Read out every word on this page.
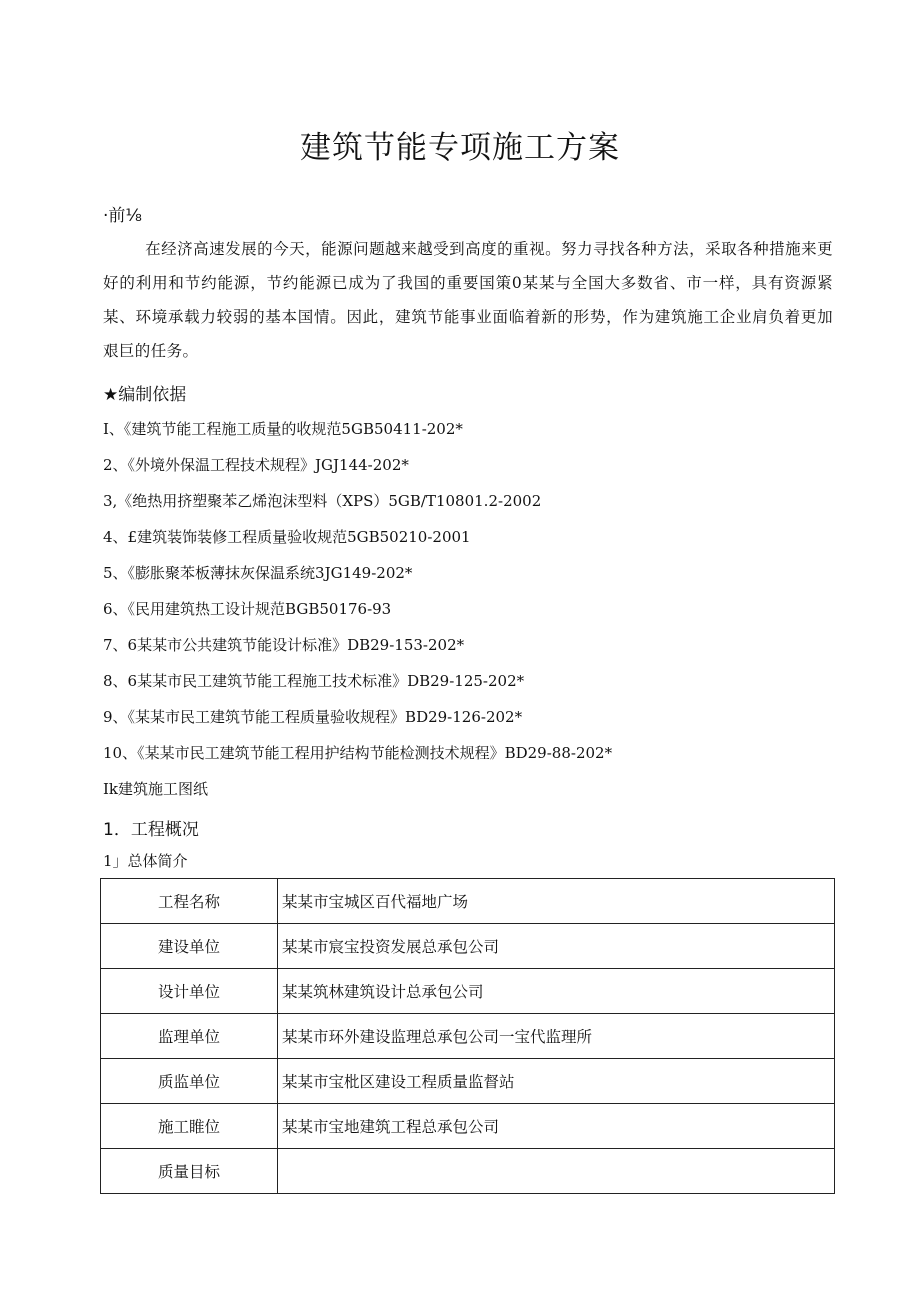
建筑节能专项施工方案
·前⅛
在经济高速发展的今天，能源问题越来越受到高度的重视。努力寻找各种方法，采取各种措施来更好的利用和节约能源，节约能源已成为了我国的重要国策0某某与全国大多数省、市一样，具有资源紧某、环境承载力较弱的基本国情。因此，建筑节能事业面临着新的形势，作为建筑施工企业肩负着更加艰巨的任务。
★编制依据
I、《建筑节能工程施工质量的收规范5GB50411-202*
2、《外境外保温工程技术规程》JGJ144-202*
3,《绝热用挤塑聚苯乙烯泡沫型料（XPS）5GB/T10801.2-2002
4、£建筑装饰装修工程质量验收规范5GB50210-2001
5、《膨胀聚苯板薄抹灰保温系统3JG149-202*
6、《民用建筑热工设计规范BGB50176-93
7、6某某市公共建筑节能设计标准》DB29-153-202*
8、6某某市民工建筑节能工程施工技术标准》DB29-125-202*
9、《某某市民工建筑节能工程质量验收规程》BD29-126-202*
10、《某某市民工建筑节能工程用护结构节能检测技术规程》BD29-88-202*
Ik建筑施工图纸
1．工程概况
1」总体简介
工程名称	某某市宝城区百代福地广场
建设单位	某某市宸宝投资发展总承包公司
设计单位	某某筑林建筑设计总承包公司
监理单位	某某市环外建设监理总承包公司一宝代监理所
质监单位	某某市宝枇区建设工程质量监督站
施工睢位	某某市宝地建筑工程总承包公司
质量目标	
